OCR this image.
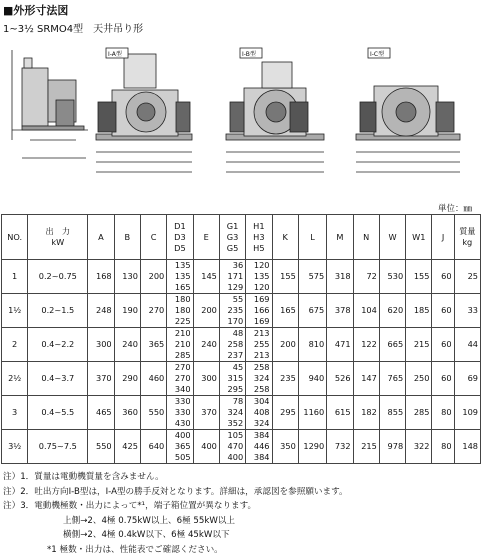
■外形寸法図
1~3½ SRMO4型　天井吊り形
I-A型	I-B型	I-C型
単位：㎜
NO.	出　力
kW	A	B	C	D1
D3
D5	E	G1
G3
G5	H1
H3
H5	K	L	M	N	W	W1	J	質量
kg

1	0.2~0.75	168	130	200	135
135
165	145	36
171
129	120
135
120	155	575	318	72	530	155	60	25
1½	0.2~1.5	248	190	270	180
180
225	200	55
235
170	169
166
169	165	675	378	104	620	185	60	33
2	0.4~2.2	300	240	365	210
210
285	240	48
258
237	213
255
213	200	810	471	122	665	215	60	44
2½	0.4~3.7	370	290	460	270
270
340	300	45
315
295	258
324
258	235	940	526	147	765	250	60	69
3	0.4~5.5	465	360	550	330
330
430	370	78
324
352	304
408
324	295	1160	615	182	855	285	80	109
3½	0.75~7.5	550	425	640	400
365
505	400	105
470
400	384
446
384	350	1290	732	215	978	322	80	148
注）1．質量は電動機質量を含みません。
注）2．吐出方向Ⅰ-B型は，Ⅰ-A型の勝手反対となります。詳細は，承認図を参照願います。
注）3．電動機極数・出力によって*¹，端子箱位置が異なります。
上側→2、4極 0.75kW以上、6極 55kW以上
横側→2、4極 0.4kW以下、6極 45kW以下
*1 極数・出力は、性能表でご確認ください。
